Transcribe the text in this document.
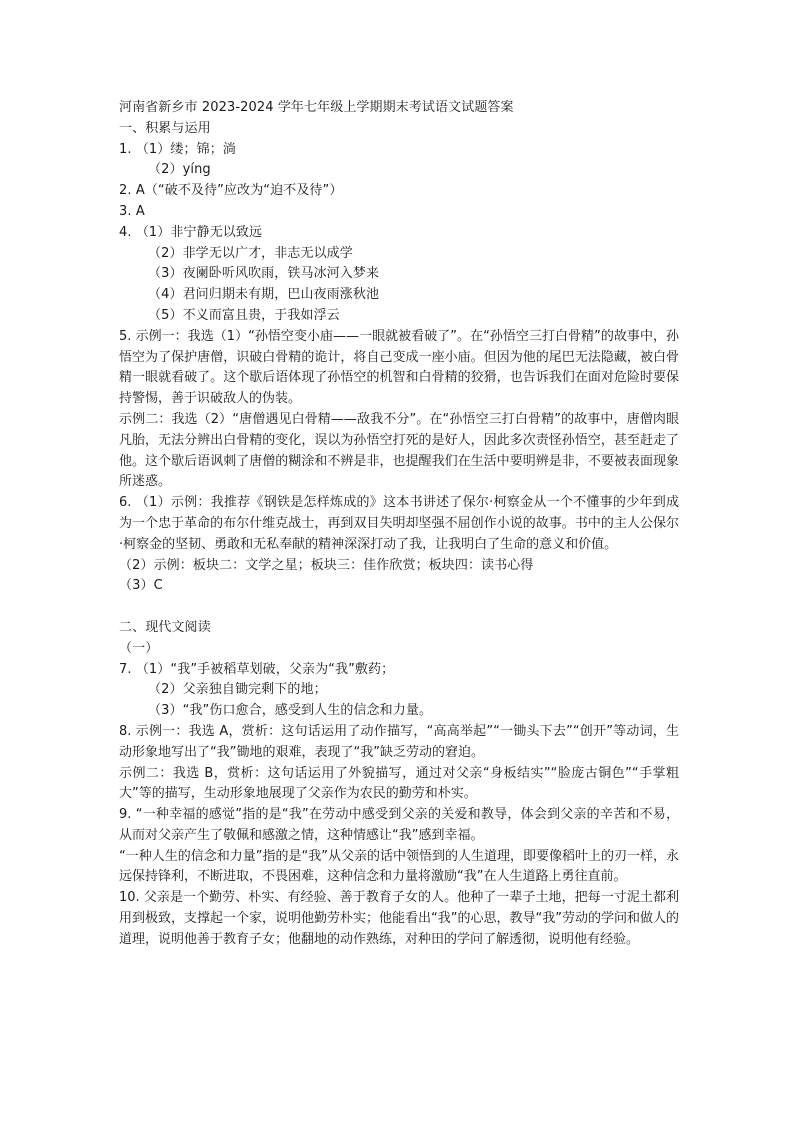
河南省新乡市 2023-2024 学年七年级上学期期末考试语文试题答案
一、积累与运用
1. （1）缕；锦；淌
（2）yíng
2. A（“破不及待”应改为“迫不及待”）
3. A
4. （1）非宁静无以致远
（2）非学无以广才，非志无以成学
（3）夜阑卧听风吹雨，铁马冰河入梦来
（4）君问归期未有期，巴山夜雨涨秋池
（5）不义而富且贵，于我如浮云
5. 示例一：我选（1）“孙悟空变小庙——一眼就被看破了”。在“孙悟空三打白骨精”的故事中，孙悟空为了保护唐僧，识破白骨精的诡计，将自己变成一座小庙。但因为他的尾巴无法隐藏，被白骨精一眼就看破了。这个歇后语体现了孙悟空的机智和白骨精的狡猾，也告诉我们在面对危险时要保持警惕，善于识破敌人的伪装。
示例二：我选（2）“唐僧遇见白骨精——敌我不分”。在“孙悟空三打白骨精”的故事中，唐僧肉眼凡胎，无法分辨出白骨精的变化，误以为孙悟空打死的是好人，因此多次责怪孙悟空，甚至赶走了他。这个歇后语讽刺了唐僧的糊涂和不辨是非，也提醒我们在生活中要明辨是非，不要被表面现象所迷惑。
6. （1）示例：我推荐《钢铁是怎样炼成的》这本书讲述了保尔·柯察金从一个不懂事的少年到成为一个忠于革命的布尔什维克战士，再到双目失明却坚强不屈创作小说的故事。书中的主人公保尔·柯察金的坚韧、勇敢和无私奉献的精神深深打动了我，让我明白了生命的意义和价值。
（2）示例：板块二：文学之星；板块三：佳作欣赏；板块四：读书心得
（3）C
二、现代文阅读
（一）
7. （1）“我”手被稻草划破，父亲为“我”敷药；
（2）父亲独自锄完剩下的地；
（3）“我”伤口愈合，感受到人生的信念和力量。
8. 示例一：我选 A，赏析：这句话运用了动作描写，“高高举起”“一锄头下去”“创开”等动词，生动形象地写出了“我”锄地的艰难，表现了“我”缺乏劳动的窘迫。
示例二：我选 B，赏析：这句话运用了外貌描写，通过对父亲“身板结实”“脸庞古铜色”“手掌粗大”等的描写，生动形象地展现了父亲作为农民的勤劳和朴实。
9. “一种幸福的感觉”指的是“我”在劳动中感受到父亲的关爱和教导，体会到父亲的辛苦和不易，从而对父亲产生了敬佩和感激之情，这种情感让“我”感到幸福。
“一种人生的信念和力量”指的是“我”从父亲的话中领悟到的人生道理，即要像稻叶上的刃一样，永远保持锋利，不断进取，不畏困难，这种信念和力量将激励“我”在人生道路上勇往直前。
10. 父亲是一个勤劳、朴实、有经验、善于教育子女的人。他种了一辈子土地，把每一寸泥土都利用到极致，支撑起一个家，说明他勤劳朴实；他能看出“我”的心思，教导“我”劳动的学问和做人的道理，说明他善于教育子女；他翻地的动作熟练，对种田的学问了解透彻，说明他有经验。
